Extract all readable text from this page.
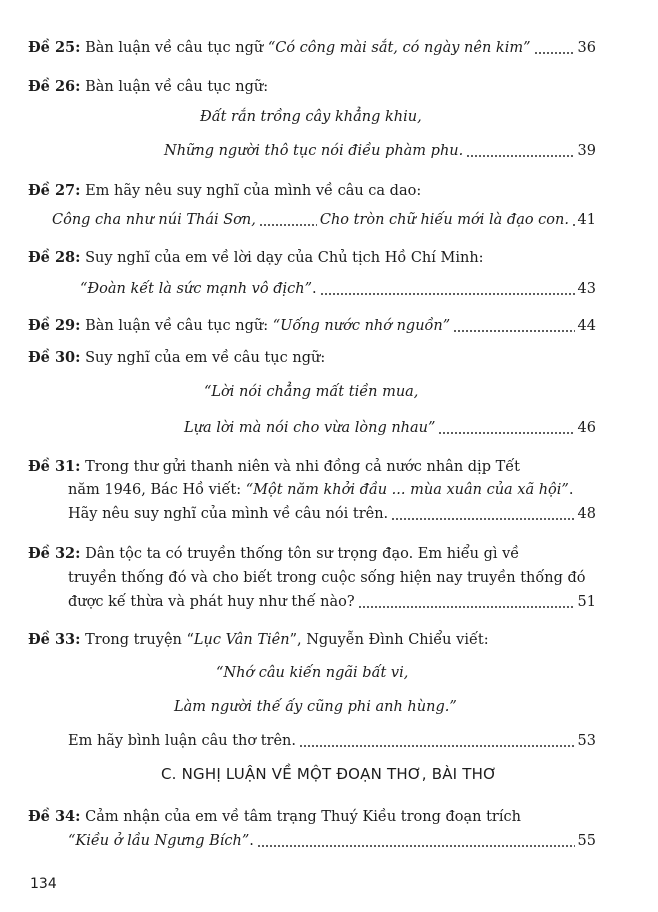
Đề 25: Bàn luận về câu tục ngữ “Có công mài sắt, có ngày nên kim”	36
Đề 26: Bàn luận về câu tục ngữ:
Đất rắn trồng cây khẳng khiu,
Những người thô tục nói điều phàm phu.	39
Đề 27: Em hãy nêu suy nghĩ của mình về câu ca dao:
Công cha như núi Thái Sơn,	Cho tròn chữ hiếu mới là đạo con. 41
Đề 28: Suy nghĩ của em về lời dạy của Chủ tịch Hồ Chí Minh:
“Đoàn kết là sức mạnh vô địch” .	43
Đề 29: Bàn luận về câu tục ngữ: “Uống nước nhớ nguồn”	44
Đề 30: Suy nghĩ của em về câu tục ngữ:
“Lời nói chẳng mất tiền mua,
Lựa lời mà nói cho vừa lòng nhau”	46
Đề 31: Trong thư gửi thanh niên và nhi đồng cả nước nhân dịp Tết
năm 1946, Bác Hồ viết: “Một năm khởi đầu ... mùa xuân của xã hội” .
Hãy nêu suy nghĩ của mình về câu nói trên.	48
Đề 32: Dân tộc ta có truyền thống tôn sư trọng đạo. Em hiểu gì về
truyền thống đó và cho biết trong cuộc sống hiện nay truyền thống đó
được kế thừa và phát huy như thế nào?	51
Đề 33: Trong truyện “ Lục Vân Tiên ”, Nguyễn Đình Chiểu viết:
“Nhớ câu kiến ngãi bất vi,
Làm người thế ấy cũng phi anh hùng.”
Em hãy bình luận câu thơ trên.	53
C. NGHỊ LUẬN VỀ MỘT ĐOẠN THƠ, BÀI THƠ
Đề 34: Cảm nhận của em về tâm trạng Thuý Kiều trong đoạn trích
“Kiều ở lầu Ngưng Bích” .	55
134
